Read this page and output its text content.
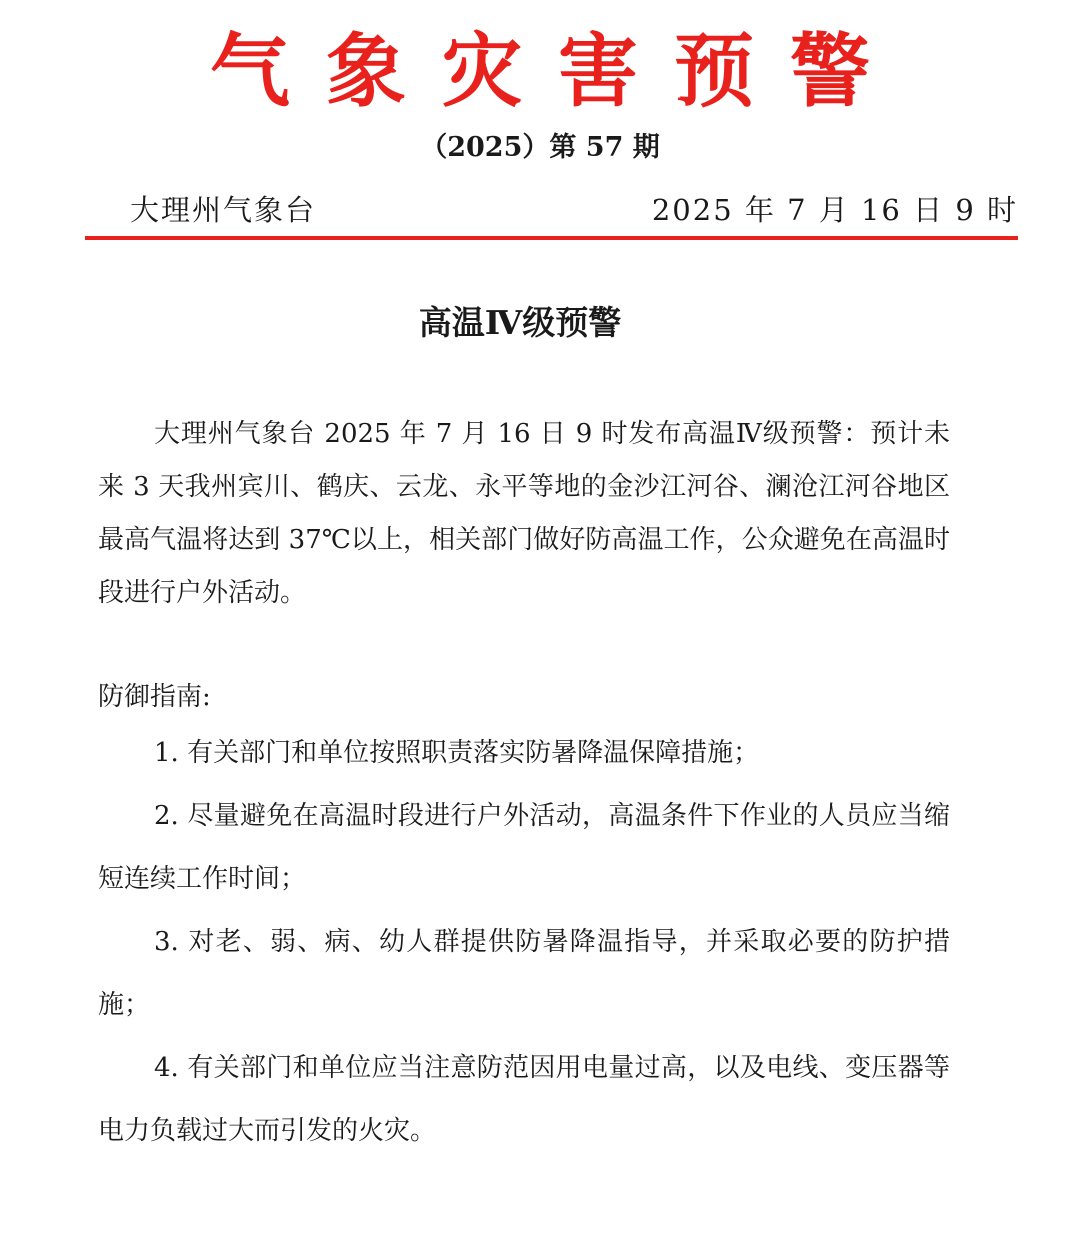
气象灾害预警
（2025）第 57 期
大理州气象台	2025 年 7 月 16 日 9 时
高温Ⅳ级预警

大理州气象台 2025 年 7 月 16 日 9 时发布高温Ⅳ级预警：预计未来 3 天我州宾川、鹤庆、云龙、永平等地的金沙江河谷、澜沧江河谷地区最高气温将达到 37℃以上，相关部门做好防高温工作，公众避免在高温时段进行户外活动。

防御指南:
1. 有关部门和单位按照职责落实防暑降温保障措施；
2. 尽量避免在高温时段进行户外活动，高温条件下作业的人员应当缩短连续工作时间；
3. 对老、弱、病、幼人群提供防暑降温指导，并采取必要的防护措施；
4. 有关部门和单位应当注意防范因用电量过高，以及电线、变压器等电力负载过大而引发的火灾。
